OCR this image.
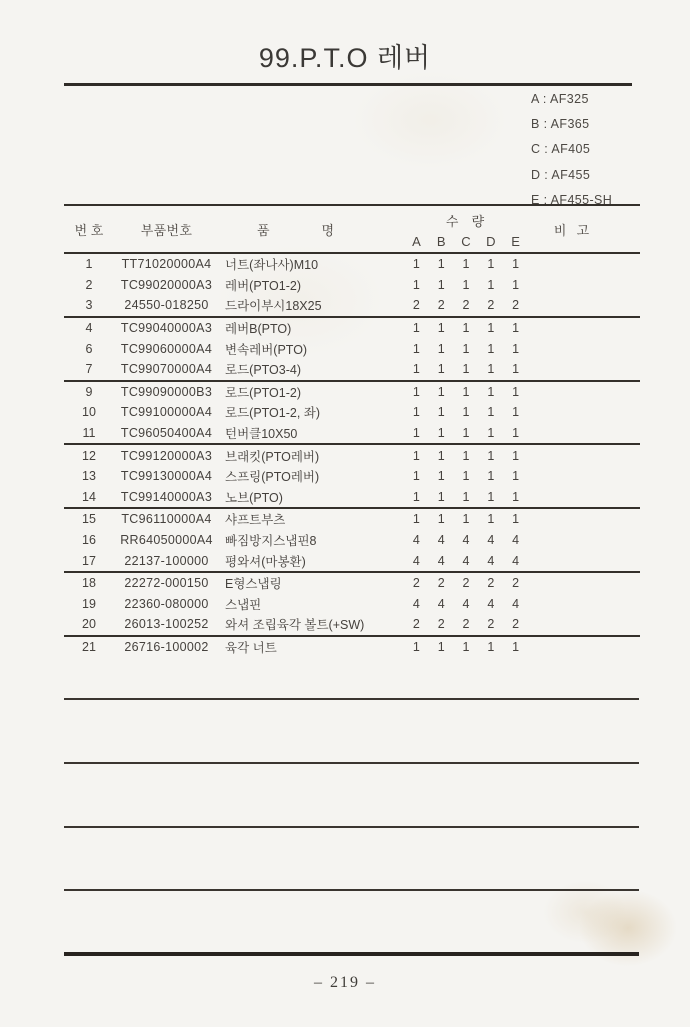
99.P.T.O 레버
A : AF325
B : AF365
C : AF405
D : AF455
E : AF455-SH
번 호	부품번호	품	명
수  량
A	B	C	D	E
비  고
1	TT71020000A4	너트(좌나사)M10	1	1	1	1	1
2	TC99020000A3	레버(PTO1-2)	1	1	1	1	1
3	24550-018250	드라이부시18X25	2	2	2	2	2
4	TC99040000A3	레버B(PTO)	1	1	1	1	1
6	TC99060000A4	변속레버(PTO)	1	1	1	1	1
7	TC99070000A4	로드(PTO3-4)	1	1	1	1	1
9	TC99090000B3	로드(PTO1-2)	1	1	1	1	1
10	TC99100000A4	로드(PTO1-2, 좌)	1	1	1	1	1
11	TC96050400A4	턴버클10X50	1	1	1	1	1
12	TC99120000A3	브래킷(PTO레버)	1	1	1	1	1
13	TC99130000A4	스프링(PTO레버)	1	1	1	1	1
14	TC99140000A3	노브(PTO)	1	1	1	1	1
15	TC96110000A4	샤프트부츠	1	1	1	1	1
16	RR64050000A4 빠짐방지스냅핀8	4	4	4	4	4
17	22137-100000	평와셔(마봉환)	4	4	4	4	4
18	22272-000150	E형스냅링	2	2	2	2	2
19	22360-080000	스냅핀	4	4	4	4	4
20	26013-100252	와셔 조립육각 볼트(+SW)	2	2	2	2	2
21	26716-100002	육각 너트	1	1	1	1	1
– 219 –
